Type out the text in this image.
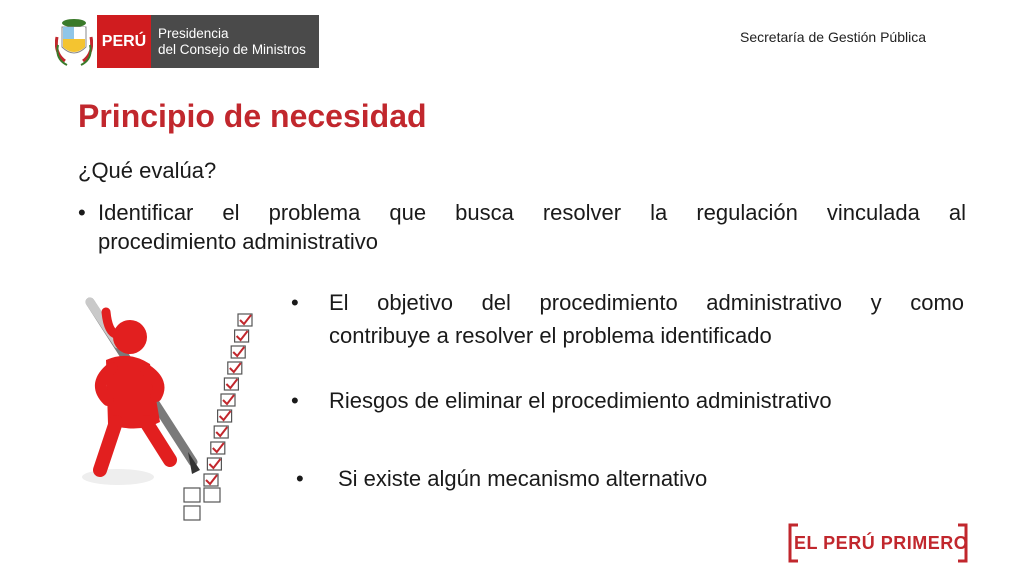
PERÚ Presidencia
del Consejo de Ministros
Secretaría de Gestión Pública
Principio de necesidad
¿Qué evalúa?
• Identificar el problema que busca resolver la regulación vinculada al
procedimiento administrativo
• El objetivo del procedimiento administrativo y como
contribuye a resolver el problema identificado
• Riesgos de eliminar el procedimiento administrativo
• Si existe algún mecanismo alternativo
EL PERÚ PRIMERO
